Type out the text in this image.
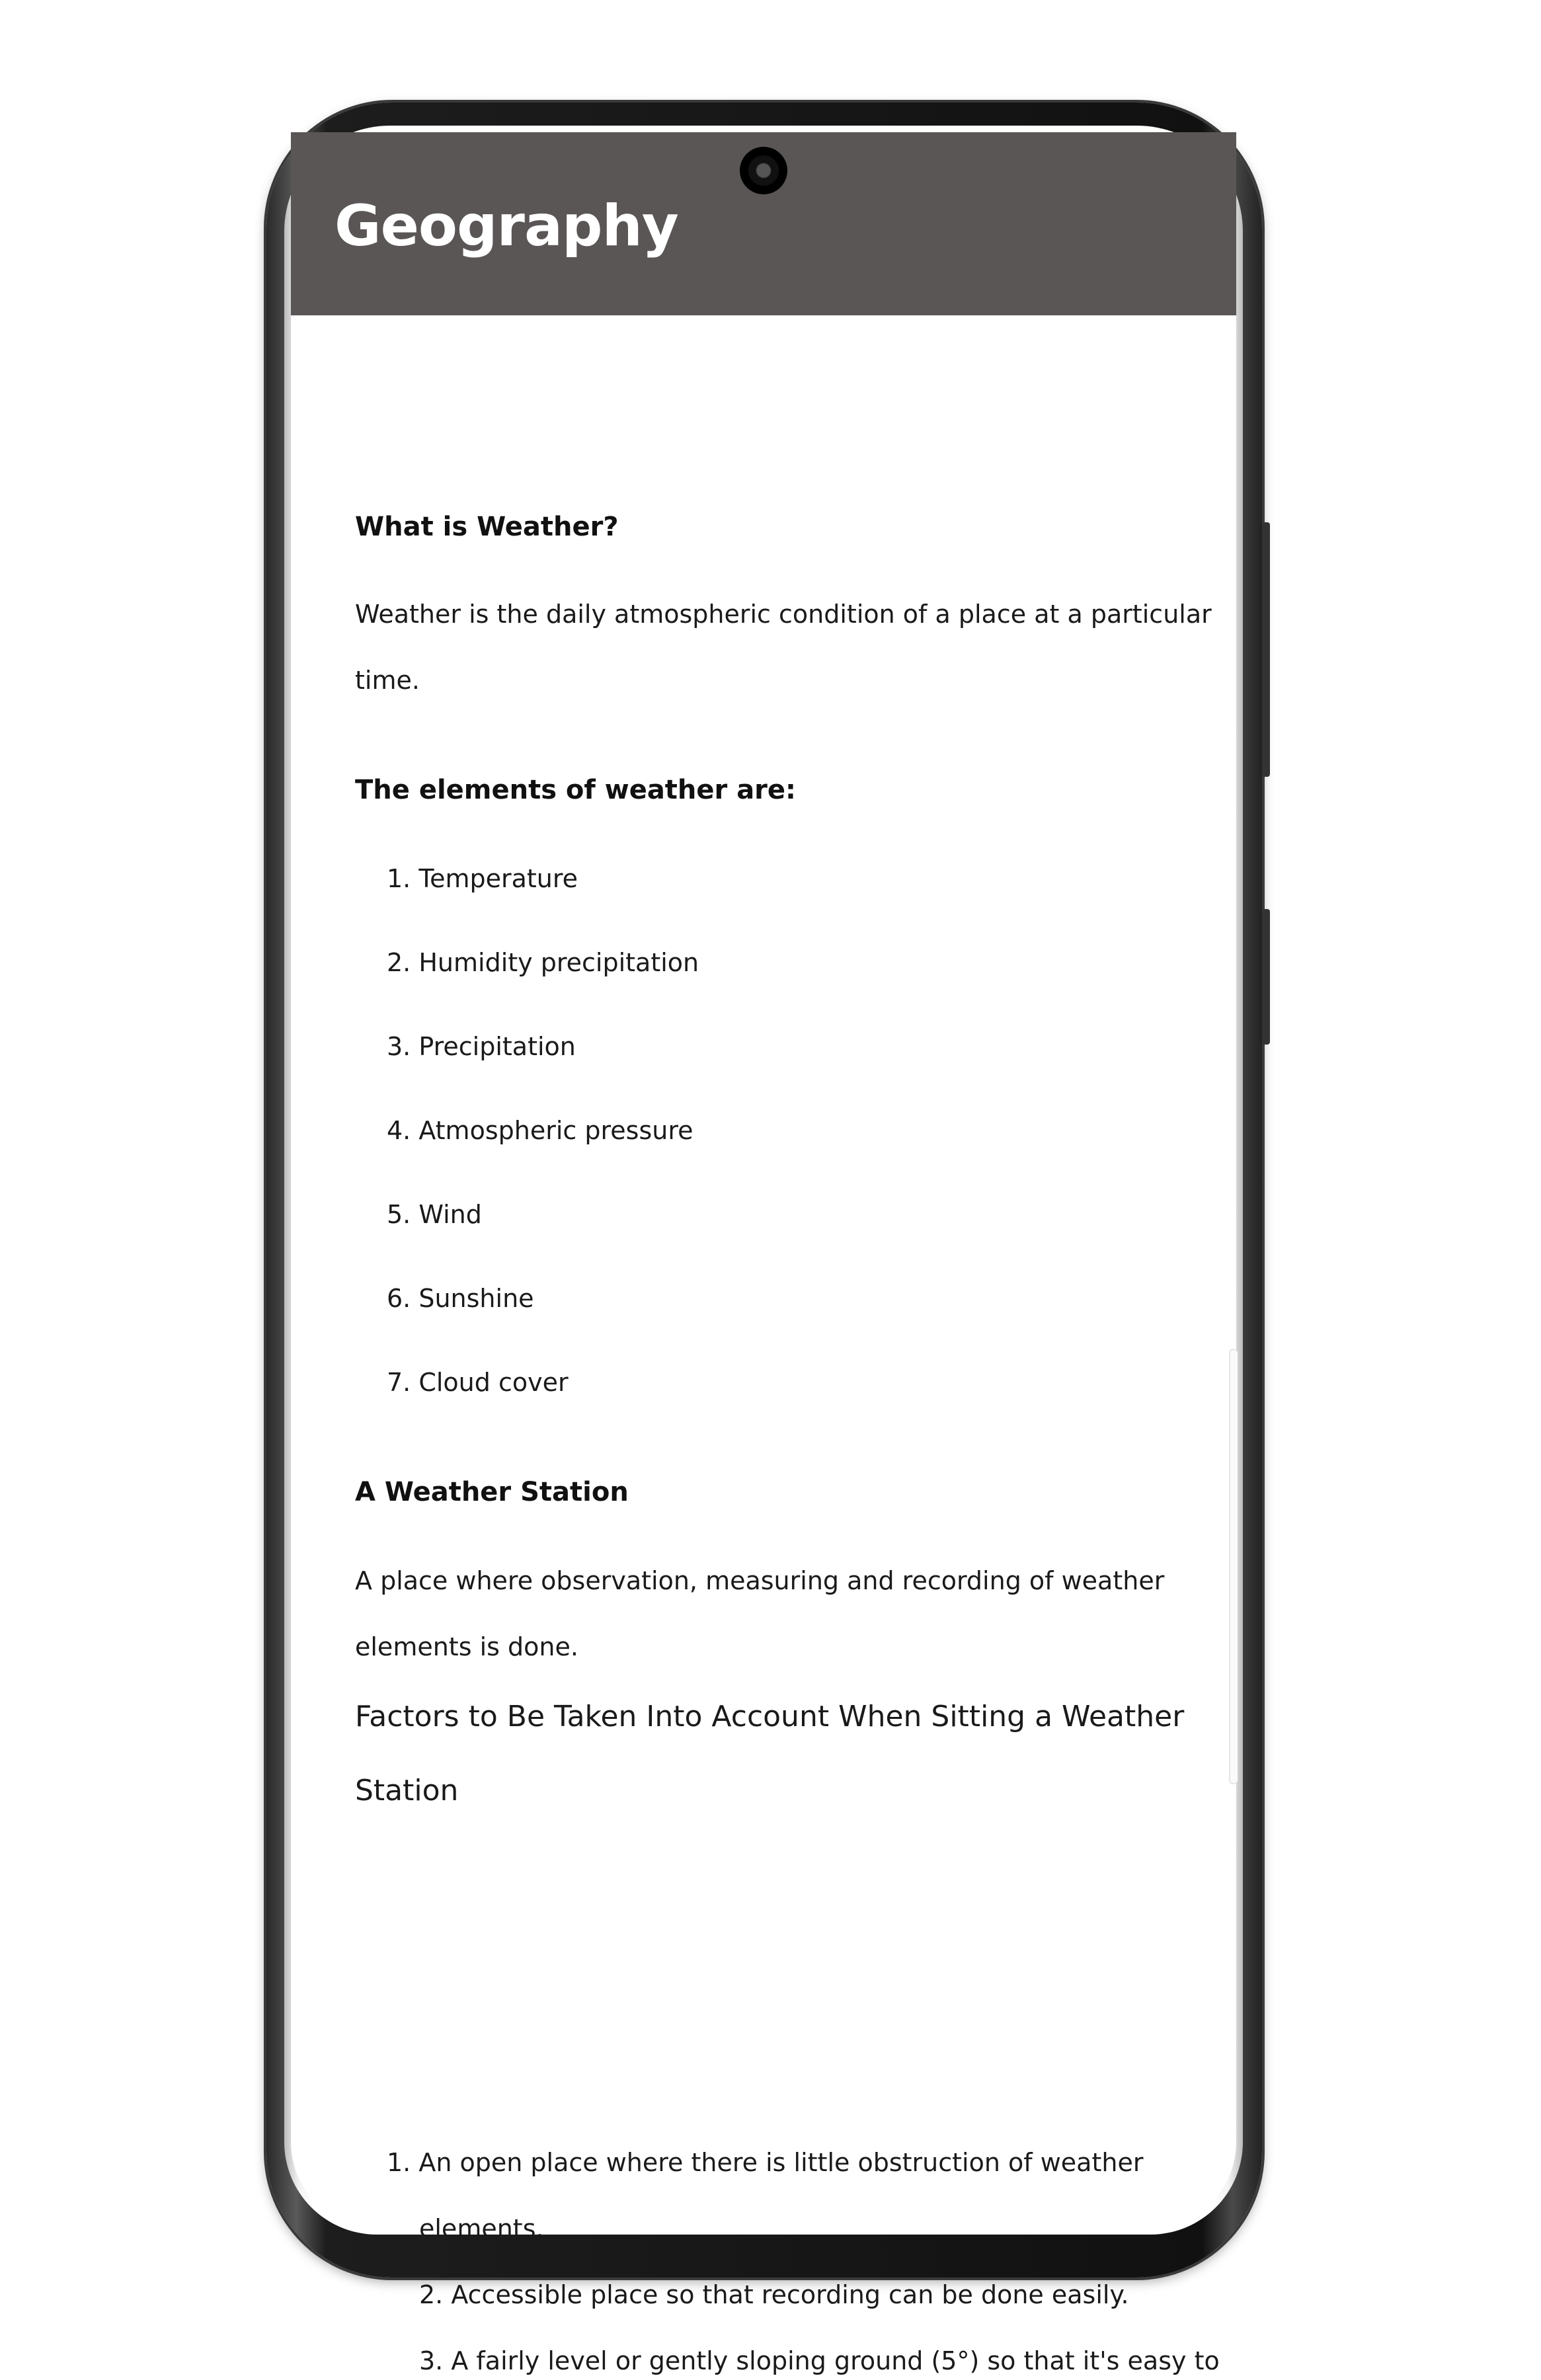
Geography
What is Weather?
Weather is the daily atmospheric condition of a place at a particular
time.
The elements of weather are:
1. Temperature
2. Humidity precipitation
3. Precipitation
4. Atmospheric pressure
5. Wind
6. Sunshine
7. Cloud cover
A Weather Station
A place where observation, measuring and recording of weather
elements is done.
Factors to Be Taken Into Account When Sitting a Weather
Station
1. An open place where there is little obstruction of weather
elements.
2. Accessible place so that recording can be done easily.
3. A fairly level or gently sloping ground (5°) so that it's easy to
